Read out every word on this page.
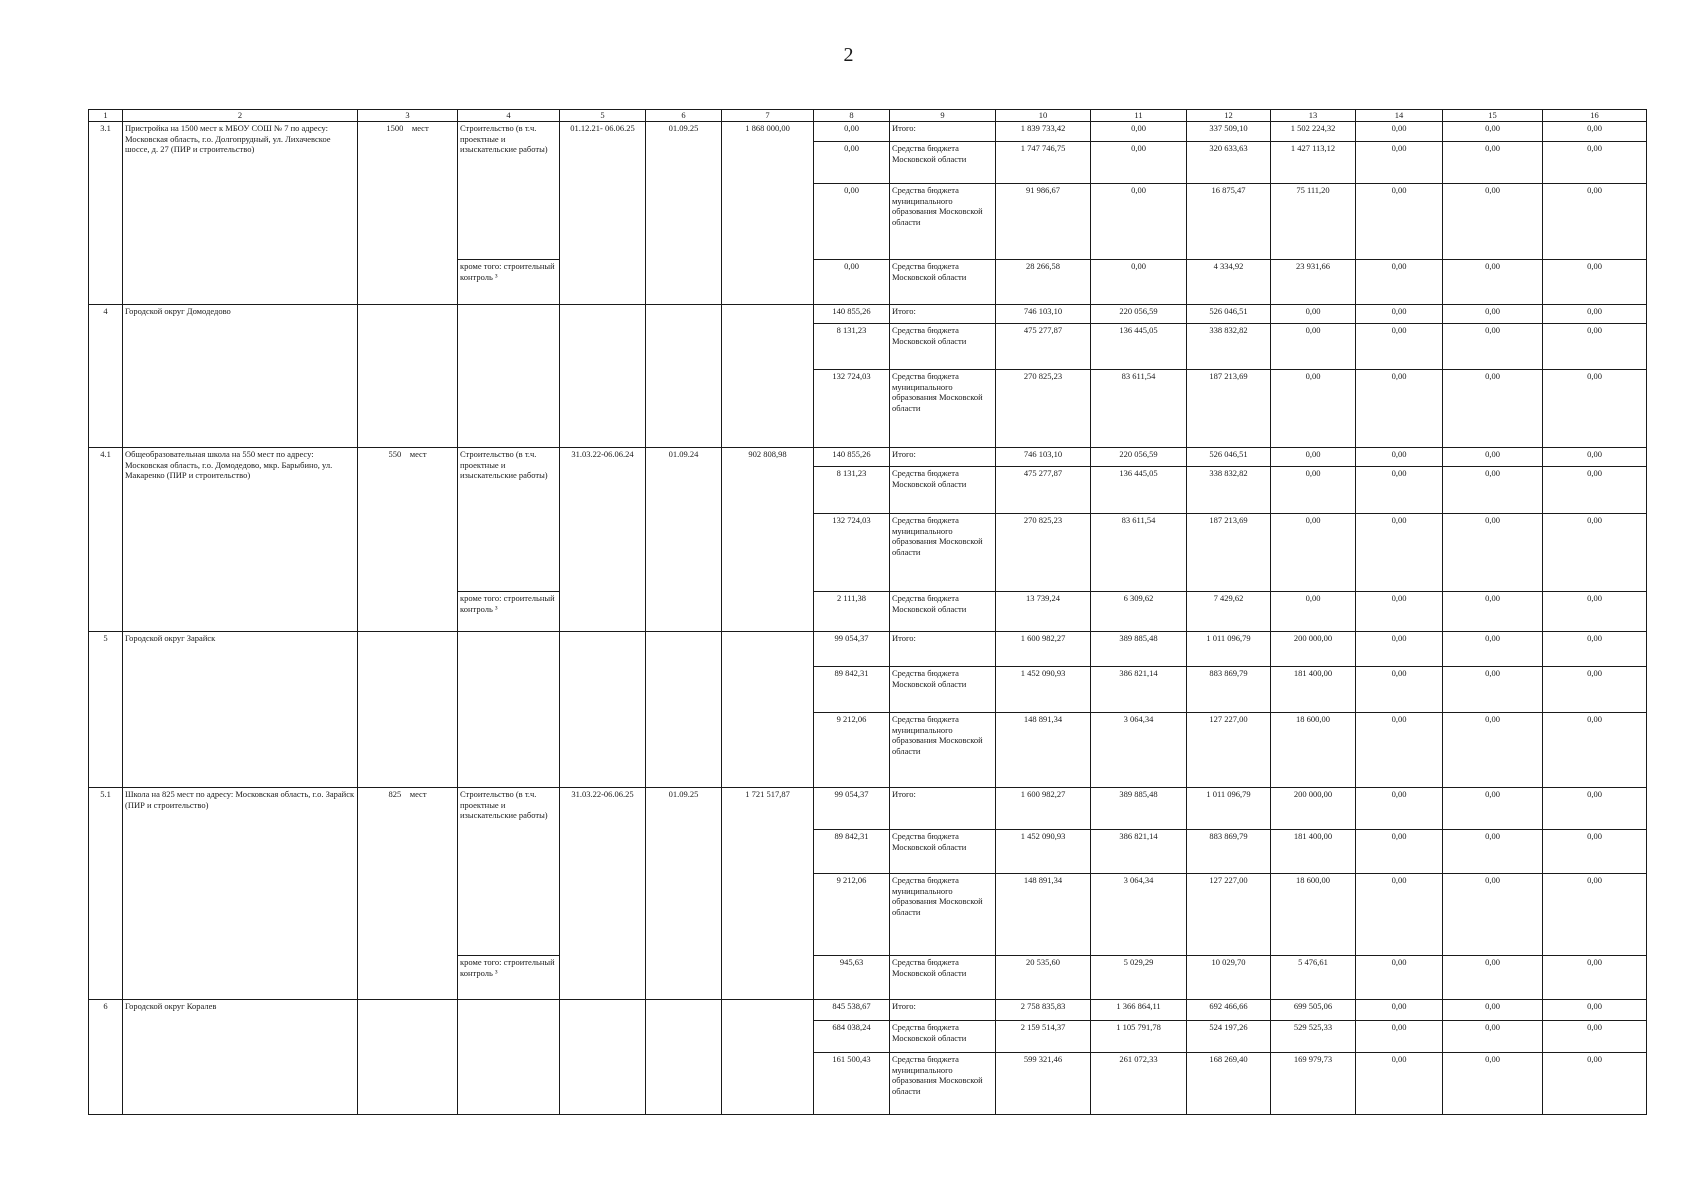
2
1	2	3	4	5	6	7	8	9	10	11	12	13	14	15	16
3.1	Пристройка на 1500 мест к МБОУ СОШ № 7 по адресу: Московская область, г.о. Долгопрудный, ул. Лихачевское шоссе, д. 27 (ПИР и строительство)	1500 мест	Строительство (в т.ч. проектные и изыскательские работы)	01.12.21- 06.06.25	01.09.25	1 868 000,00	0,00	Итого:	1 839 733,42	0,00	337 509,10	1 502 224,32	0,00	0,00	0,00
							0,00	Средства бюджета Московской области	1 747 746,75	0,00	320 633,63	1 427 113,12	0,00	0,00	0,00
							0,00	Средства бюджета муниципального образования Московской области	91 986,67	0,00	16 875,47	75 111,20	0,00	0,00	0,00
			кроме того: строительный контроль ³				0,00	Средства бюджета Московской области	28 266,58	0,00	4 334,92	23 931,66	0,00	0,00	0,00
4	Городской округ Домодедово						140 855,26	Итого:	746 103,10	220 056,59	526 046,51	0,00	0,00	0,00	0,00
							8 131,23	Средства бюджета Московской области	475 277,87	136 445,05	338 832,82	0,00	0,00	0,00	0,00
							132 724,03	Средства бюджета муниципального образования Московской области	270 825,23	83 611,54	187 213,69	0,00	0,00	0,00	0,00
4.1	Общеобразовательная школа на 550 мест по адресу: Московская область, г.о. Домодедово, мкр. Барыбино, ул. Макаренко (ПИР и строительство)	550 мест	Строительство (в т.ч. проектные и изыскательские работы)	31.03.22-06.06.24	01.09.24	902 808,98	140 855,26	Итого:	746 103,10	220 056,59	526 046,51	0,00	0,00	0,00	0,00
							8 131,23	Средства бюджета Московской области	475 277,87	136 445,05	338 832,82	0,00	0,00	0,00	0,00
							132 724,03	Средства бюджета муниципального образования Московской области	270 825,23	83 611,54	187 213,69	0,00	0,00	0,00	0,00
			кроме того: строительный контроль ³				2 111,38	Средства бюджета Московской области	13 739,24	6 309,62	7 429,62	0,00	0,00	0,00	0,00
5	Городской округ Зарайск						99 054,37	Итого:	1 600 982,27	389 885,48	1 011 096,79	200 000,00	0,00	0,00	0,00
							89 842,31	Средства бюджета Московской области	1 452 090,93	386 821,14	883 869,79	181 400,00	0,00	0,00	0,00
							9 212,06	Средства бюджета муниципального образования Московской области	148 891,34	3 064,34	127 227,00	18 600,00	0,00	0,00	0,00
5.1	Школа на 825 мест по адресу: Московская область, г.о. Зарайск (ПИР и строительство)	825 мест	Строительство (в т.ч. проектные и изыскательские работы)	31.03.22-06.06.25	01.09.25	1 721 517,87	99 054,37	Итого:	1 600 982,27	389 885,48	1 011 096,79	200 000,00	0,00	0,00	0,00
							89 842,31	Средства бюджета Московской области	1 452 090,93	386 821,14	883 869,79	181 400,00	0,00	0,00	0,00
							9 212,06	Средства бюджета муниципального образования Московской области	148 891,34	3 064,34	127 227,00	18 600,00	0,00	0,00	0,00
			кроме того: строительный контроль ³				945,63	Средства бюджета Московской области	20 535,60	5 029,29	10 029,70	5 476,61	0,00	0,00	0,00
6	Городской округ Коралев						845 538,67	Итого:	2 758 835,83	1 366 864,11	692 466,66	699 505,06	0,00	0,00	0,00
							684 038,24	Средства бюджета Московской области	2 159 514,37	1 105 791,78	524 197,26	529 525,33	0,00	0,00	0,00
							161 500,43	Средства бюджета муниципального образования Московской области	599 321,46	261 072,33	168 269,40	169 979,73	0,00	0,00	0,00
